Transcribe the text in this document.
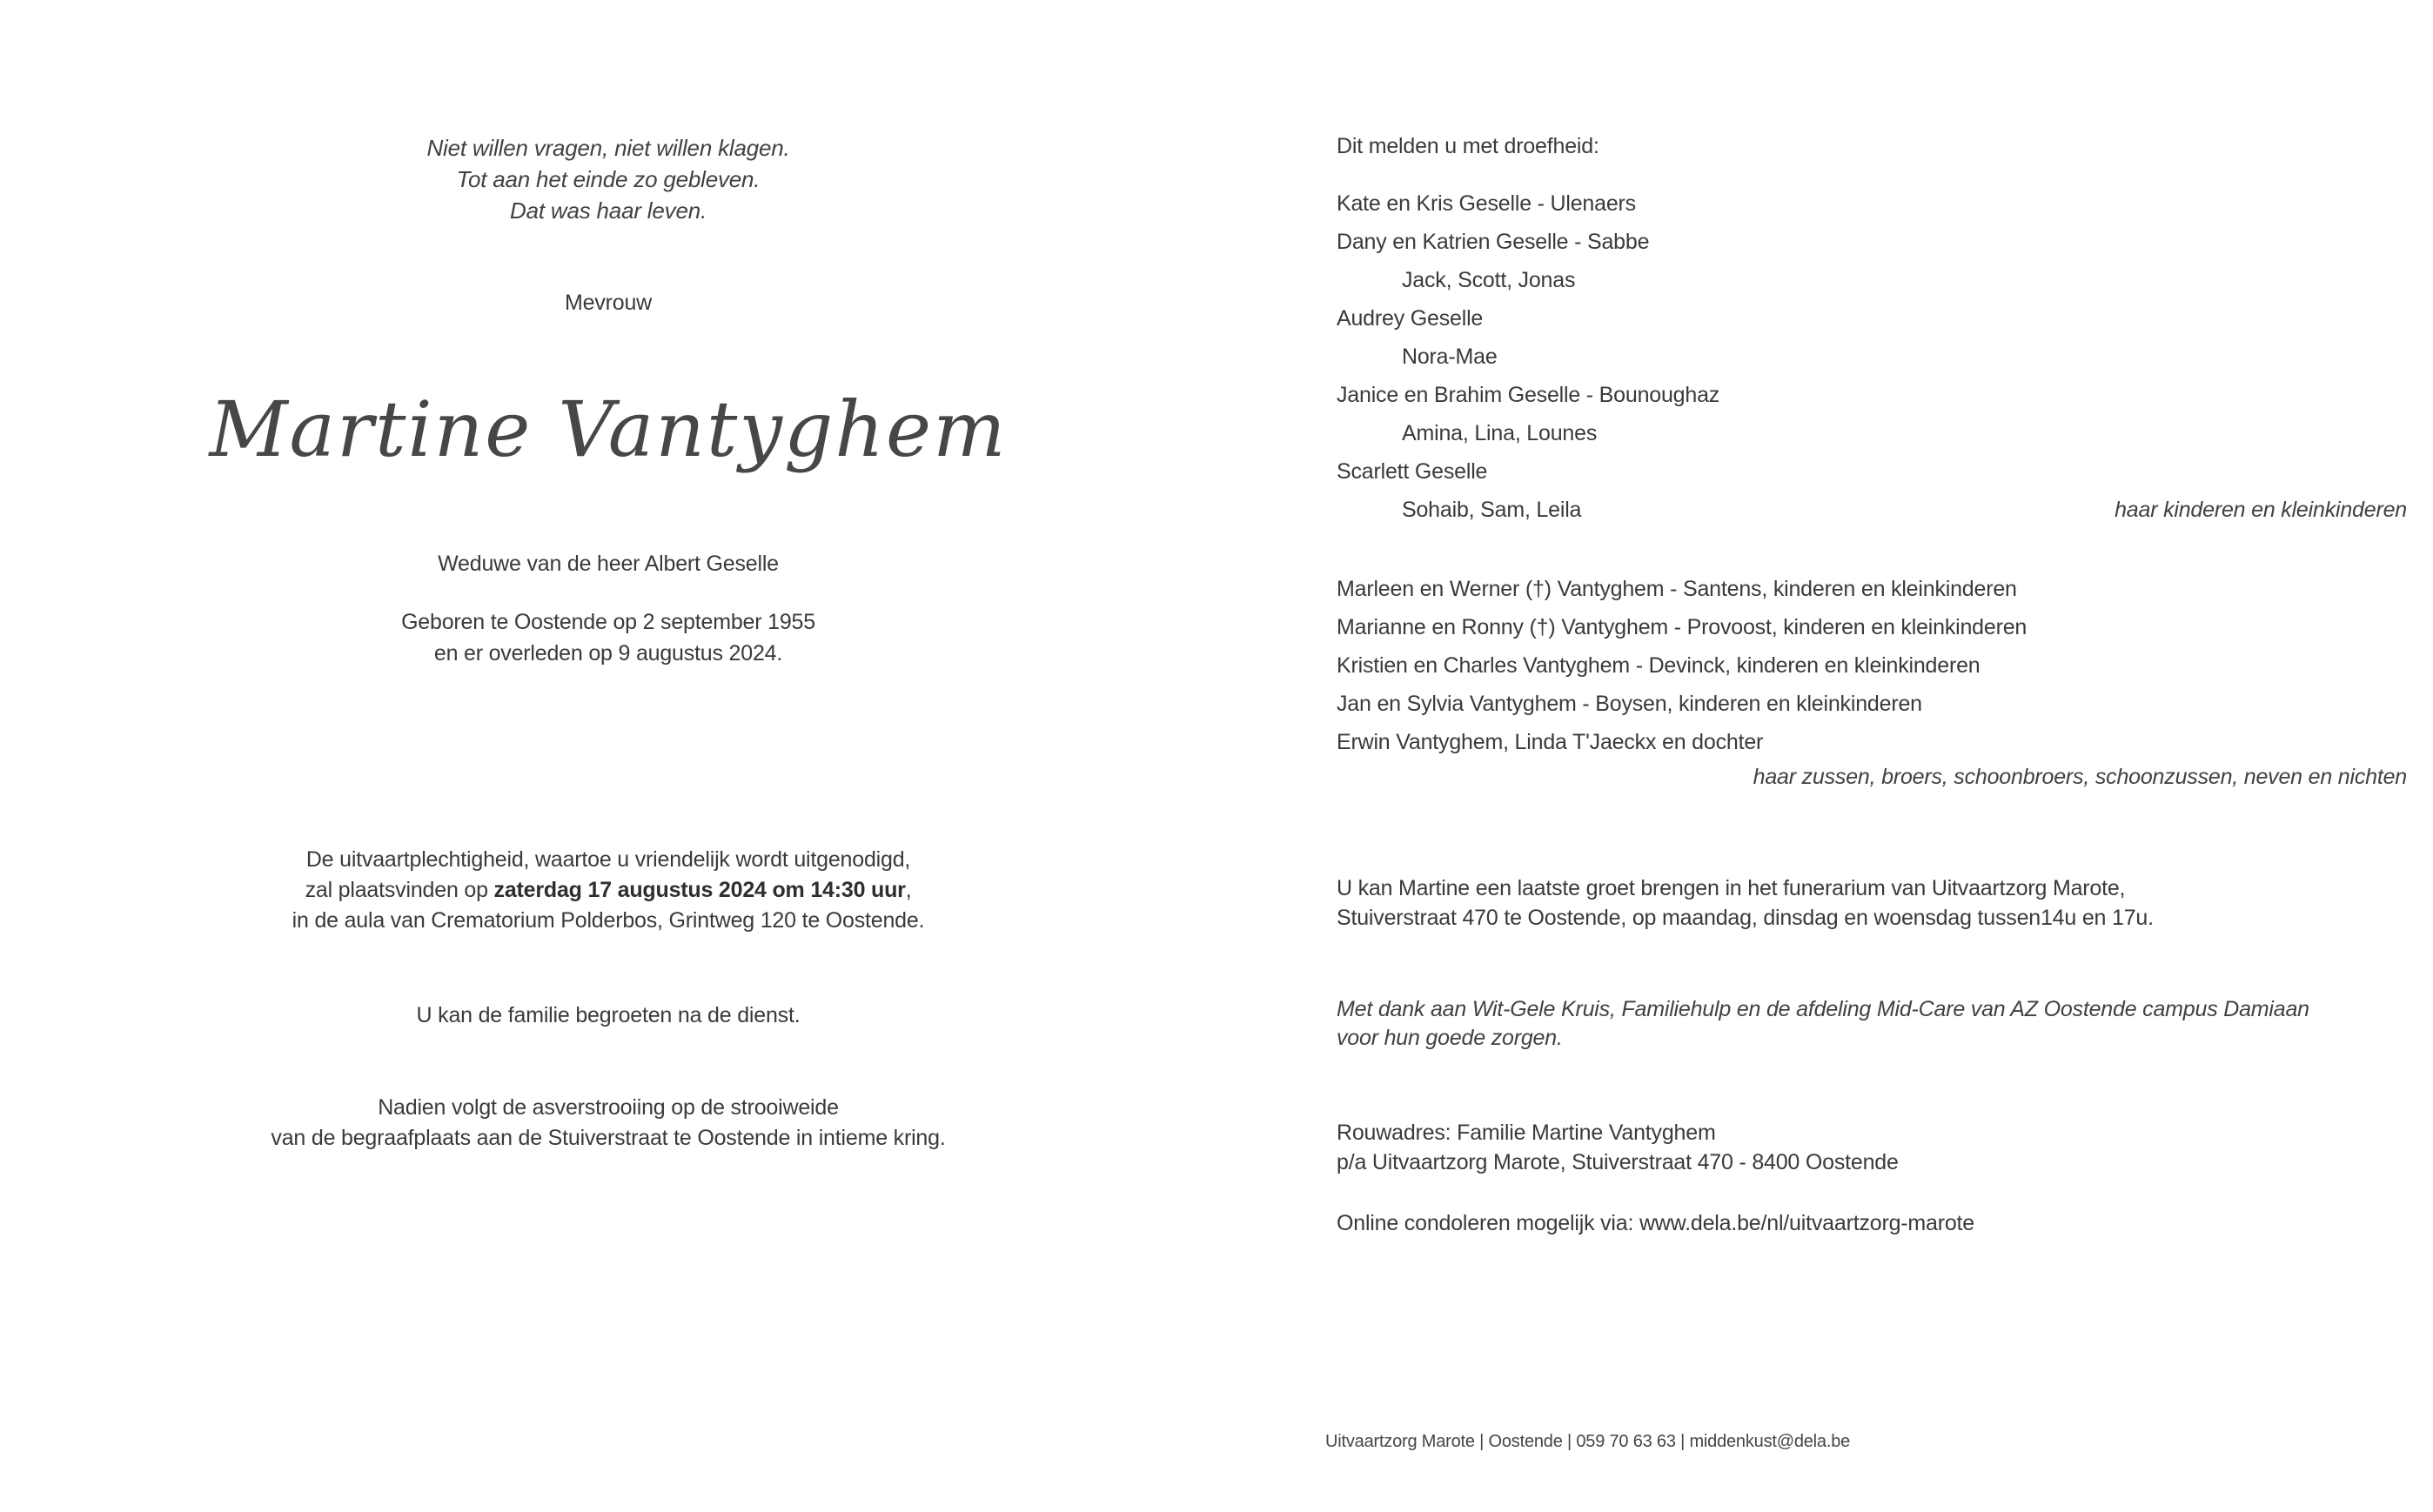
Niet willen vragen, niet willen klagen.
Tot aan het einde zo gebleven.
Dat was haar leven.
Mevrouw
Martine Vantyghem
Weduwe van de heer Albert Geselle
Geboren te Oostende op 2 september 1955
en er overleden op 9 augustus 2024.
De uitvaartplechtigheid, waartoe u vriendelijk wordt uitgenodigd,
zal plaatsvinden op zaterdag 17 augustus 2024 om 14:30 uur,
in de aula van Crematorium Polderbos, Grintweg 120 te Oostende.
U kan de familie begroeten na de dienst.
Nadien volgt de asverstrooiing op de strooiweide
van de begraafplaats aan de Stuiverstraat te Oostende in intieme kring.
Dit melden u met droefheid:
Kate en Kris Geselle - Ulenaers
Dany en Katrien Geselle - Sabbe
Jack, Scott, Jonas
Audrey Geselle
Nora-Mae
Janice en Brahim Geselle - Bounoughaz
Amina, Lina, Lounes
Scarlett Geselle
Sohaib, Sam, Leila	haar kinderen en kleinkinderen
Marleen en Werner (†) Vantyghem - Santens, kinderen en kleinkinderen
Marianne en Ronny (†) Vantyghem - Provoost, kinderen en kleinkinderen
Kristien en Charles Vantyghem - Devinck, kinderen en kleinkinderen
Jan en Sylvia Vantyghem - Boysen, kinderen en kleinkinderen
Erwin Vantyghem, Linda T'Jaeckx en dochter
haar zussen, broers, schoonbroers, schoonzussen, neven en nichten
U kan Martine een laatste groet brengen in het funerarium van Uitvaartzorg Marote,
Stuiverstraat 470 te Oostende, op maandag, dinsdag en woensdag tussen14u en 17u.
Met dank aan Wit-Gele Kruis, Familiehulp en de afdeling Mid-Care van AZ Oostende campus Damiaan
voor hun goede zorgen.
Rouwadres: Familie Martine Vantyghem
p/a Uitvaartzorg Marote, Stuiverstraat 470 - 8400 Oostende
Online condoleren mogelijk via: www.dela.be/nl/uitvaartzorg-marote
Uitvaartzorg Marote | Oostende | 059 70 63 63 | middenkust@dela.be
